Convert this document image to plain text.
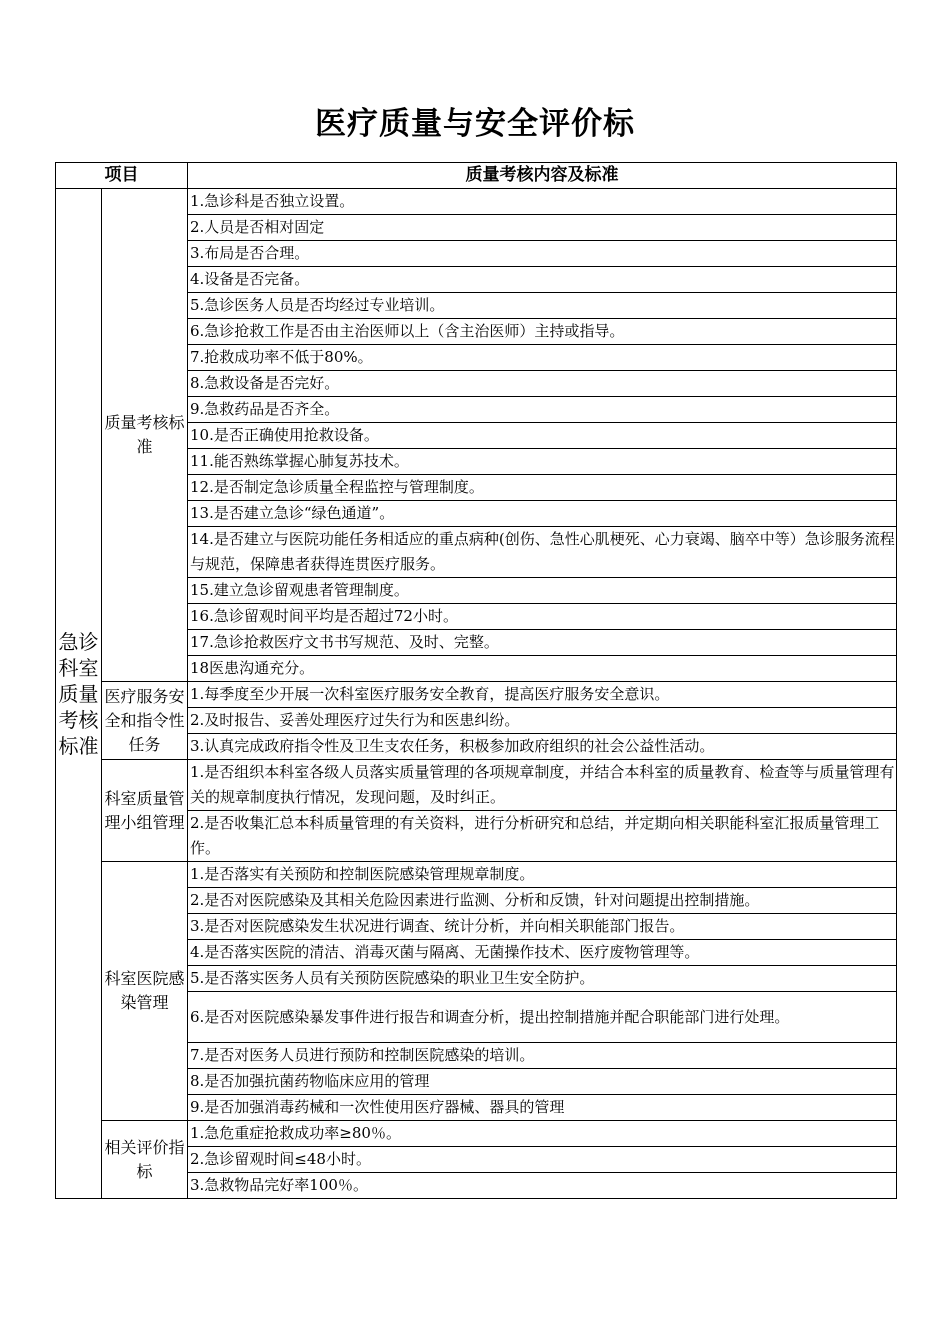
医疗质量与安全评价标
项目		质量考核内容及标准
急诊科室质量考核标准	质量考核标准	1.急诊科是否独立设置。
		2.人员是否相对固定
		3.布局是否合理。
		4.设备是否完备。
		5.急诊医务人员是否均经过专业培训。
		6.急诊抢救工作是否由主治医师以上（含主治医师）主持或指导。
		7.抢救成功率不低于80%。
		8.急救设备是否完好。
		9.急救药品是否齐全。
		10.是否正确使用抢救设备。
		11.能否熟练掌握心肺复苏技术。
		12.是否制定急诊质量全程监控与管理制度。
		13.是否建立急诊“绿色通道”。
		14.是否建立与医院功能任务相适应的重点病种(创伤、急性心肌梗死、心力衰竭、脑卒中等）急诊服务流程与规范，保障患者获得连贯医疗服务。
		15.建立急诊留观患者管理制度。
		16.急诊留观时间平均是否超过72小时。
		17.急诊抢救医疗文书书写规范、及时、完整。
		18医患沟通充分。
	医疗服务安全和指令性任务	1.每季度至少开展一次科室医疗服务安全教育，提高医疗服务安全意识。
		2.及时报告、妥善处理医疗过失行为和医患纠纷。
		3.认真完成政府指令性及卫生支农任务，积极参加政府组织的社会公益性活动。
	科室质量管理小组管理	1.是否组织本科室各级人员落实质量管理的各项规章制度，并结合本科室的质量教育、检查等与质量管理有关的规章制度执行情况，发现问题，及时纠正。
		2.是否收集汇总本科质量管理的有关资料，进行分析研究和总结，并定期向相关职能科室汇报质量管理工作。
	科室医院感染管理	1.是否落实有关预防和控制医院感染管理规章制度。
		2.是否对医院感染及其相关危险因素进行监测、分析和反馈，针对问题提出控制措施。
		3.是否对医院感染发生状况进行调查、统计分析，并向相关职能部门报告。
		4.是否落实医院的清洁、消毒灭菌与隔离、无菌操作技术、医疗废物管理等。
		5.是否落实医务人员有关预防医院感染的职业卫生安全防护。
		6.是否对医院感染暴发事件进行报告和调查分析，提出控制措施并配合职能部门进行处理。
		7.是否对医务人员进行预防和控制医院感染的培训。
		8.是否加强抗菌药物临床应用的管理
		9.是否加强消毒药械和一次性使用医疗器械、器具的管理
	相关评价指标	1.急危重症抢救成功率≥80％。
		2.急诊留观时间≤48小时。
		3.急救物品完好率100％。
